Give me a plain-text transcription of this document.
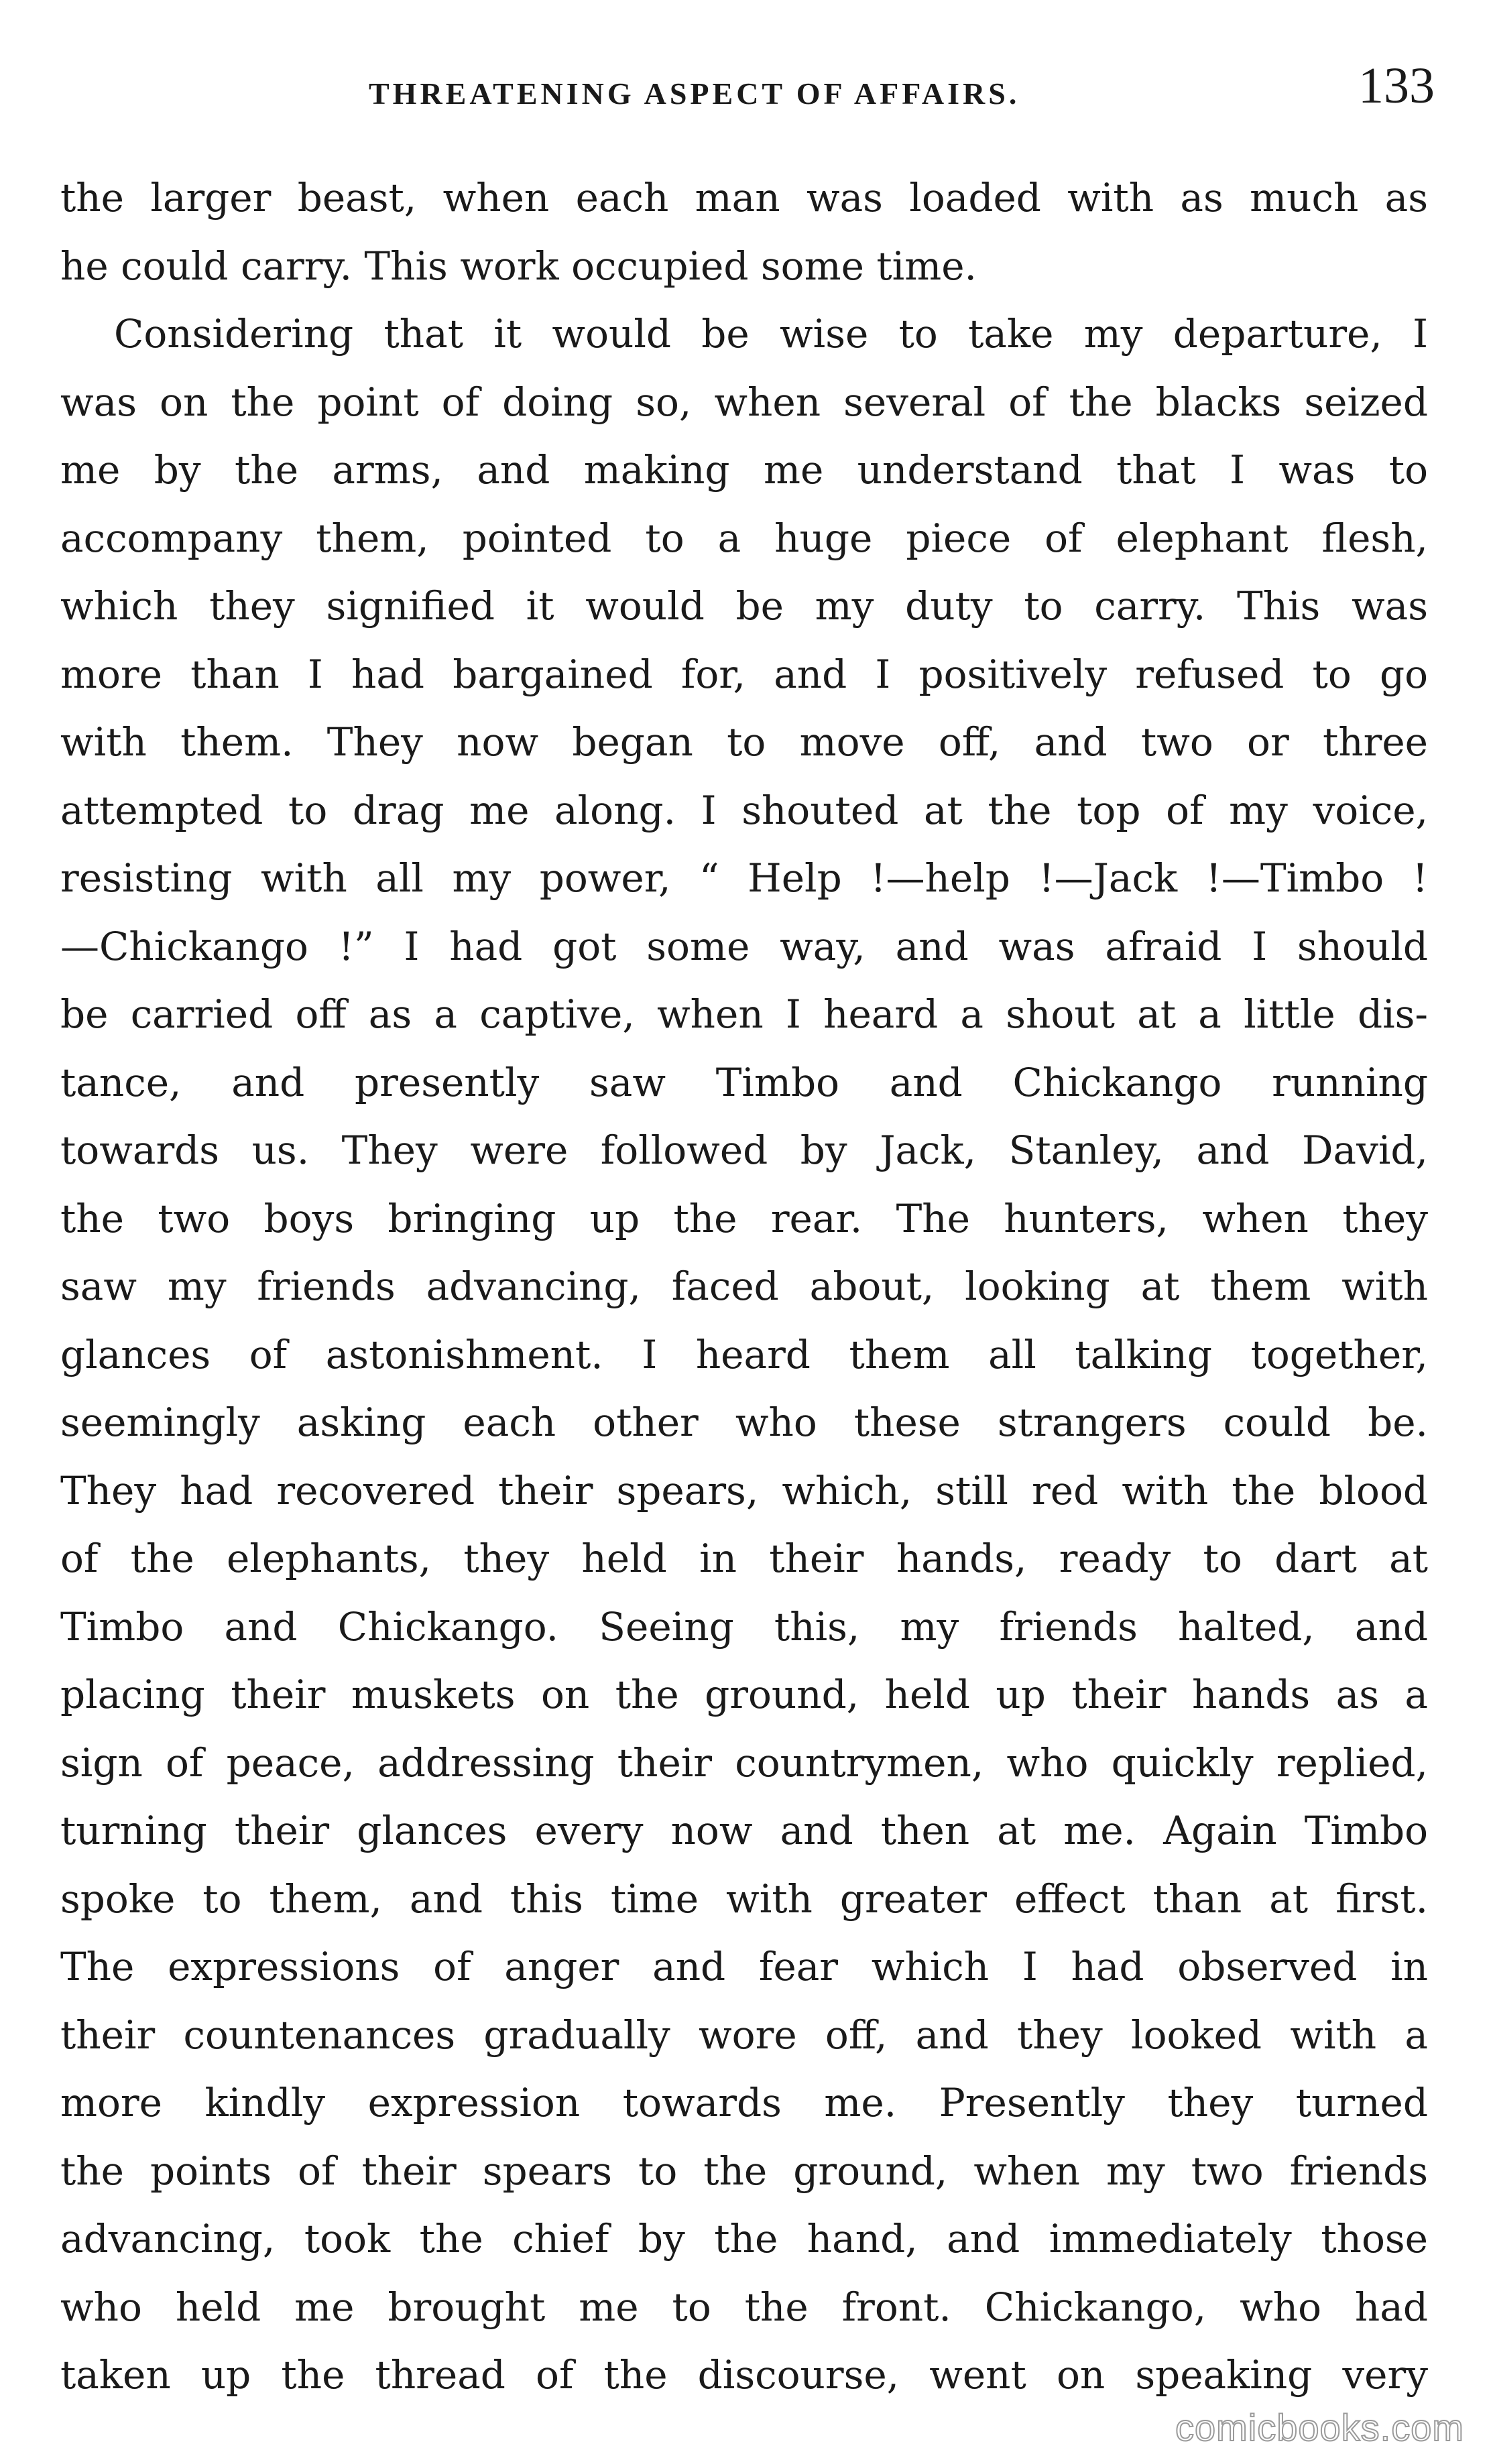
THREATENING ASPECT OF AFFAIRS.	133
the larger beast, when each man was loaded with as much as
he could carry. This work occupied some time.
Considering that it would be wise to take my departure, I
was on the point of doing so, when several of the blacks seized
me by the arms, and making me understand that I was to
accompany them, pointed to a huge piece of elephant flesh,
which they signified it would be my duty to carry. This was
more than I had bargained for, and I positively refused to go
with them. They now began to move off, and two or three
attempted to drag me along. I shouted at the top of my voice,
resisting with all my power, “ Help !—help !—Jack !—Timbo !
—Chickango !” I had got some way, and was afraid I should
be carried off as a captive, when I heard a shout at a little dis-
tance, and presently saw Timbo and Chickango running
towards us. They were followed by Jack, Stanley, and David,
the two boys bringing up the rear. The hunters, when they
saw my friends advancing, faced about, looking at them with
glances of astonishment. I heard them all talking together,
seemingly asking each other who these strangers could be.
They had recovered their spears, which, still red with the blood
of the elephants, they held in their hands, ready to dart at
Timbo and Chickango. Seeing this, my friends halted, and
placing their muskets on the ground, held up their hands as a
sign of peace, addressing their countrymen, who quickly replied,
turning their glances every now and then at me. Again Timbo
spoke to them, and this time with greater effect than at first.
The expressions of anger and fear which I had observed in
their countenances gradually wore off, and they looked with a
more kindly expression towards me. Presently they turned
the points of their spears to the ground, when my two friends
advancing, took the chief by the hand, and immediately those
who held me brought me to the front. Chickango, who had
taken up the thread of the discourse, went on speaking very
comicbooks.com
